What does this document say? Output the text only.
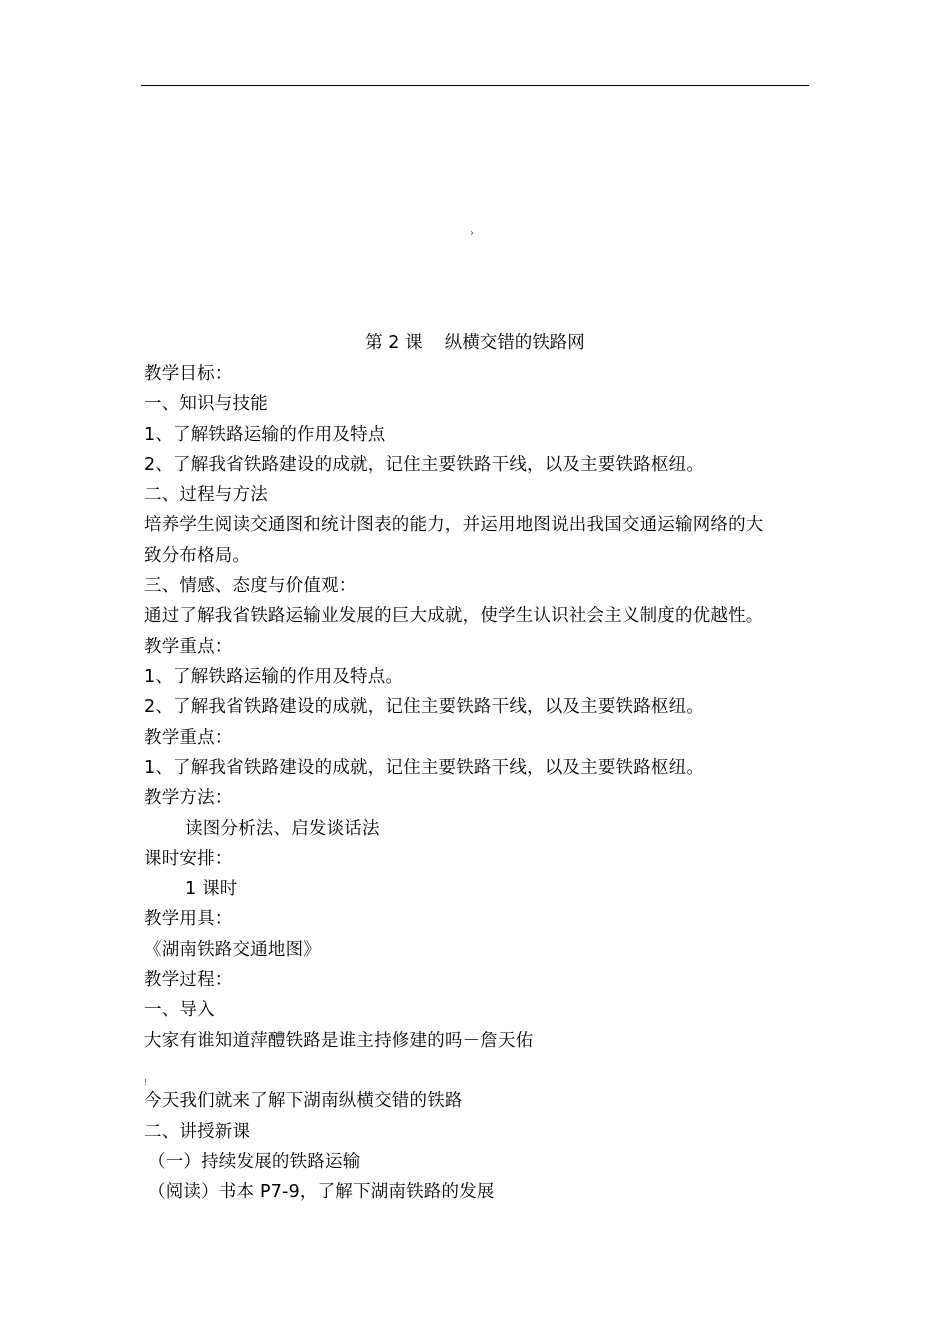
›
第 2 课    纵横交错的铁路网
教学目标：
一、知识与技能
1、了解铁路运输的作用及特点
2、了解我省铁路建设的成就，记住主要铁路干线，以及主要铁路枢纽。
二、过程与方法
培养学生阅读交通图和统计图表的能力，并运用地图说出我国交通运输网络的大
致分布格局。
三、情感、态度与价值观：
通过了解我省铁路运输业发展的巨大成就，使学生认识社会主义制度的优越性。
教学重点：
1、了解铁路运输的作用及特点。
2、了解我省铁路建设的成就，记住主要铁路干线，以及主要铁路枢纽。
教学重点：
1、了解我省铁路建设的成就，记住主要铁路干线，以及主要铁路枢纽。
教学方法：
读图分析法、启发谈话法
课时安排：
1 课时
教学用具：
《湖南铁路交通地图》
教学过程：
一、导入
大家有谁知道萍醴铁路是谁主持修建的吗－詹天佑
!
今天我们就来了解下湖南纵横交错的铁路
二、讲授新课
（一）持续发展的铁路运输
（阅读）书本 P7-9，了解下湖南铁路的发展
